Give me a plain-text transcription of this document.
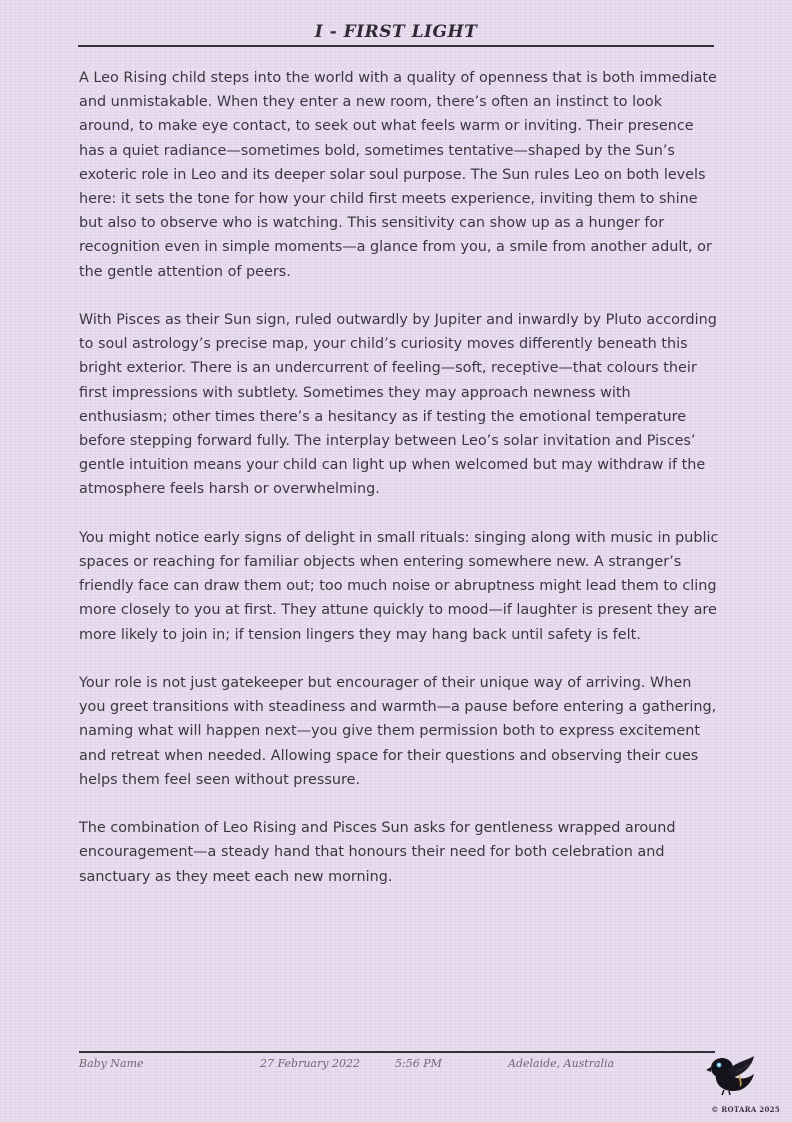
I - FIRST LIGHT

A Leo Rising child steps into the world with a quality of openness that is both immediate and unmistakable. When they enter a new room, there’s often an instinct to look around, to make eye contact, to seek out what feels warm or inviting. Their presence has a quiet radiance—sometimes bold, sometimes tentative—shaped by the Sun’s exoteric role in Leo and its deeper solar soul purpose. The Sun rules Leo on both levels here: it sets the tone for how your child first meets experience, inviting them to shine but also to observe who is watching. This sensitivity can show up as a hunger for recognition even in simple moments—a glance from you, a smile from another adult, or the gentle attention of peers.

With Pisces as their Sun sign, ruled outwardly by Jupiter and inwardly by Pluto according to soul astrology’s precise map, your child’s curiosity moves differently beneath this bright exterior. There is an undercurrent of feeling—soft, receptive—that colours their first impressions with subtlety. Sometimes they may approach newness with enthusiasm; other times there’s a hesitancy as if testing the emotional temperature before stepping forward fully. The interplay between Leo’s solar invitation and Pisces’ gentle intuition means your child can light up when welcomed but may withdraw if the atmosphere feels harsh or overwhelming.

You might notice early signs of delight in small rituals: singing along with music in public spaces or reaching for familiar objects when entering somewhere new. A stranger’s friendly face can draw them out; too much noise or abruptness might lead them to cling more closely to you at first. They attune quickly to mood—if laughter is present they are more likely to join in; if tension lingers they may hang back until safety is felt.

Your role is not just gatekeeper but encourager of their unique way of arriving. When you greet transitions with steadiness and warmth—a pause before entering a gathering, naming what will happen next—you give them permission both to express excitement and retreat when needed. Allowing space for their questions and observing their cues helps them feel seen without pressure.

The combination of Leo Rising and Pisces Sun asks for gentleness wrapped around encouragement—a steady hand that honours their need for both celebration and sanctuary as they meet each new morning.

Baby Name	27 February 2022	5:56 PM	Adelaide, Australia
© ROTARA 2025
